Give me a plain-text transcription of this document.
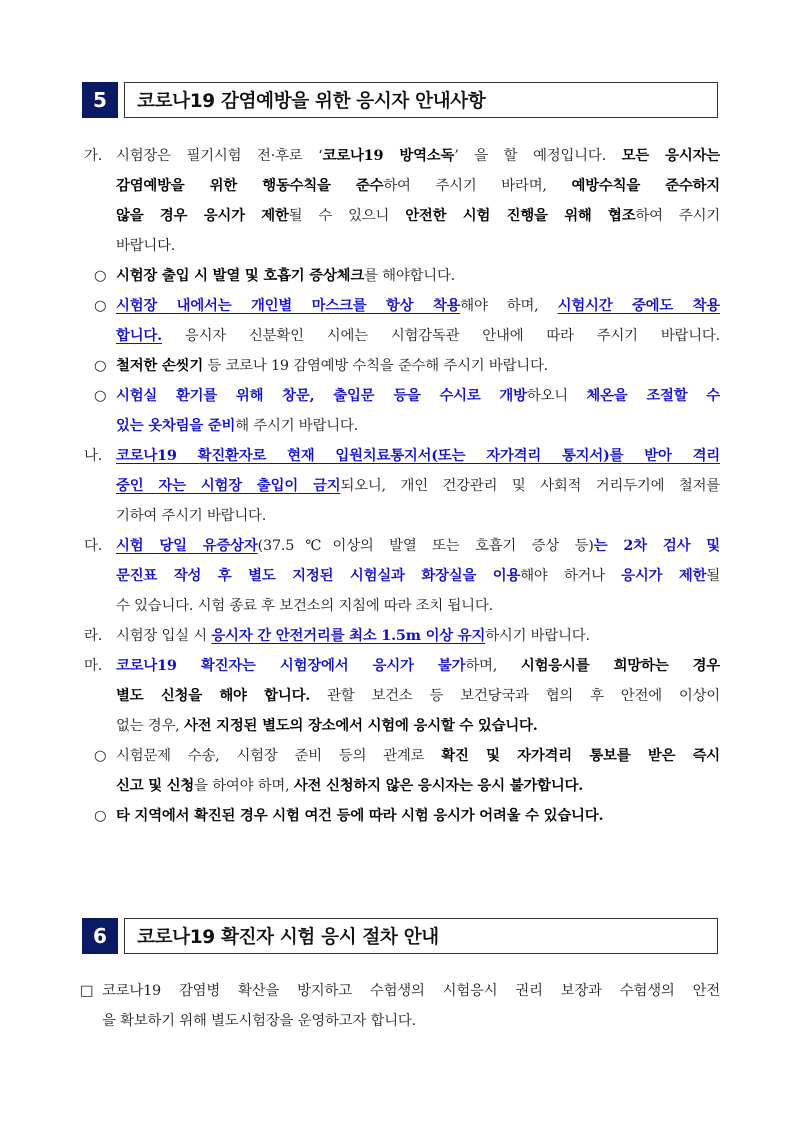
5	코로나19 감염예방을 위한 응시자 안내사항
가. 시험장은 필기시험 전·후로 ‘코로나19 방역소독’ 을 할 예정입니다. 모든 응시자는
감염예방을 위한 행동수칙을 준수하여 주시기 바라며, 예방수칙을 준수하지
않을 경우 응시가 제한될 수 있으니 안전한 시험 진행을 위해 협조하여 주시기
바랍니다.
○ 시험장 출입 시 발열 및 호흡기 증상체크를 해야합니다.
○ 시험장 내에서는 개인별 마스크를 항상 착용해야 하며, 시험시간 중에도 착용
합니다. 응시자 신분확인 시에는 시험감독관 안내에 따라 주시기 바랍니다.
○ 철저한 손씻기 등 코로나 19 감염예방 수칙을 준수해 주시기 바랍니다.
○ 시험실 환기를 위해 창문, 출입문 등을 수시로 개방하오니 체온을 조절할 수
있는 옷차림을 준비해 주시기 바랍니다.
나. 코로나19 확진환자로 현재 입원치료통지서(또는 자가격리 통지서)를 받아 격리
중인 자는 시험장 출입이 금지되오니, 개인 건강관리 및 사회적 거리두기에 철저를
기하여 주시기 바랍니다.
다. 시험 당일 유증상자(37.5℃이상의 발열 또는 호흡기 증상 등)는 2차 검사 및
문진표 작성 후 별도 지정된 시험실과 화장실을 이용해야 하거나 응시가 제한될
수 있습니다. 시험 종료 후 보건소의 지침에 따라 조치 됩니다.
라. 시험장 입실 시 응시자 간 안전거리를 최소 1.5m 이상 유지하시기 바랍니다.
마. 코로나19 확진자는 시험장에서 응시가 불가하며, 시험응시를 희망하는 경우
별도 신청을 해야 합니다. 관할 보건소 등 보건당국과 협의 후 안전에 이상이
없는 경우, 사전 지정된 별도의 장소에서 시험에 응시할 수 있습니다.
○ 시험문제 수송, 시험장 준비 등의 관계로 확진 및 자가격리 통보를 받은 즉시
신고 및 신청을 하여야 하며, 사전 신청하지 않은 응시자는 응시 불가합니다.
○ 타 지역에서 확진된 경우 시험 여건 등에 따라 시험 응시가 어려울 수 있습니다.
6	코로나19 확진자 시험 응시 절차 안내
□ 코로나19 감염병 확산을 방지하고 수험생의 시험응시 권리 보장과 수험생의 안전
을 확보하기 위해 별도시험장을 운영하고자 합니다.
